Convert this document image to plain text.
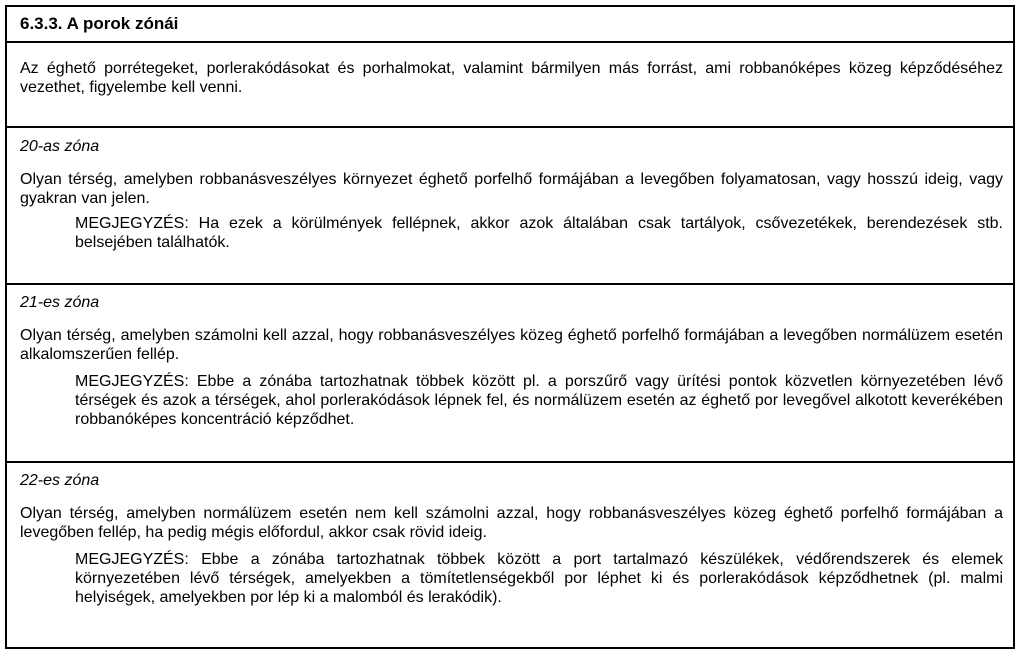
6.3.3. A porok zónái

Az éghető porrétegeket, porlerakódásokat és porhalmokat, valamint bármilyen más forrást, ami robbanóképes közeg képződéséhez vezethet, figyelembe kell venni.

20-as zóna

Olyan térség, amelyben robbanásveszélyes környezet éghető porfelhő formájában a levegőben folyamatosan, vagy hosszú ideig, vagy gyakran van jelen.

MEGJEGYZÉS: Ha ezek a körülmények fellépnek, akkor azok általában csak tartályok, csővezetékek, berendezések stb. belsejében találhatók.

21-es zóna

Olyan térség, amelyben számolni kell azzal, hogy robbanásveszélyes közeg éghető porfelhő formájában a levegőben normálüzem esetén alkalomszerűen fellép.

MEGJEGYZÉS: Ebbe a zónába tartozhatnak többek között pl. a porszűrő vagy ürítési pontok közvetlen környezetében lévő térségek és azok a térségek, ahol porlerakódások lépnek fel, és normálüzem esetén az éghető por levegővel alkotott keverékében robbanóképes koncentráció képződhet.

22-es zóna

Olyan térség, amelyben normálüzem esetén nem kell számolni azzal, hogy robbanásveszélyes közeg éghető porfelhő formájában a levegőben fellép, ha pedig mégis előfordul, akkor csak rövid ideig.

MEGJEGYZÉS: Ebbe a zónába tartozhatnak többek között a port tartalmazó készülékek, védőrendszerek és elemek környezetében lévő térségek, amelyekben a tömítetlenségekből por léphet ki és porlerakódások képződhetnek (pl. malmi helyiségek, amelyekben por lép ki a malomból és lerakódik).
